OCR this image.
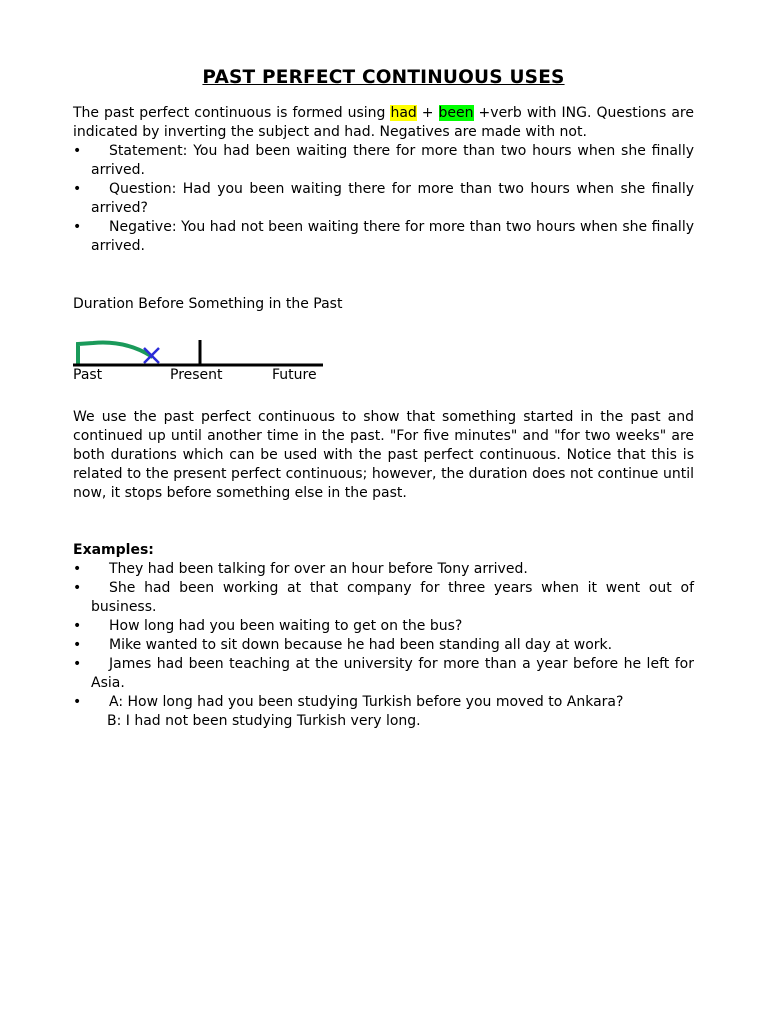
PAST PERFECT CONTINUOUS USES

The past perfect continuous is formed using had + been +verb with ING. Questions are indicated by inverting the subject and had. Negatives are made with not.

• Statement: You had been waiting there for more than two hours when she finally arrived.
• Question: Had you been waiting there for more than two hours when she finally arrived?
• Negative: You had not been waiting there for more than two hours when she finally arrived.

Duration Before Something in the Past

Past	Present	Future

We use the past perfect continuous to show that something started in the past and continued up until another time in the past. "For five minutes" and "for two weeks" are both durations which can be used with the past perfect continuous. Notice that this is related to the present perfect continuous; however, the duration does not continue until now, it stops before something else in the past.

Examples:

• They had been talking for over an hour before Tony arrived.
• She had been working at that company for three years when it went out of business.
• How long had you been waiting to get on the bus?
• Mike wanted to sit down because he had been standing all day at work.
• James had been teaching at the university for more than a year before he left for Asia.
• A: How long had you been studying Turkish before you moved to Ankara?
B: I had not been studying Turkish very long.
